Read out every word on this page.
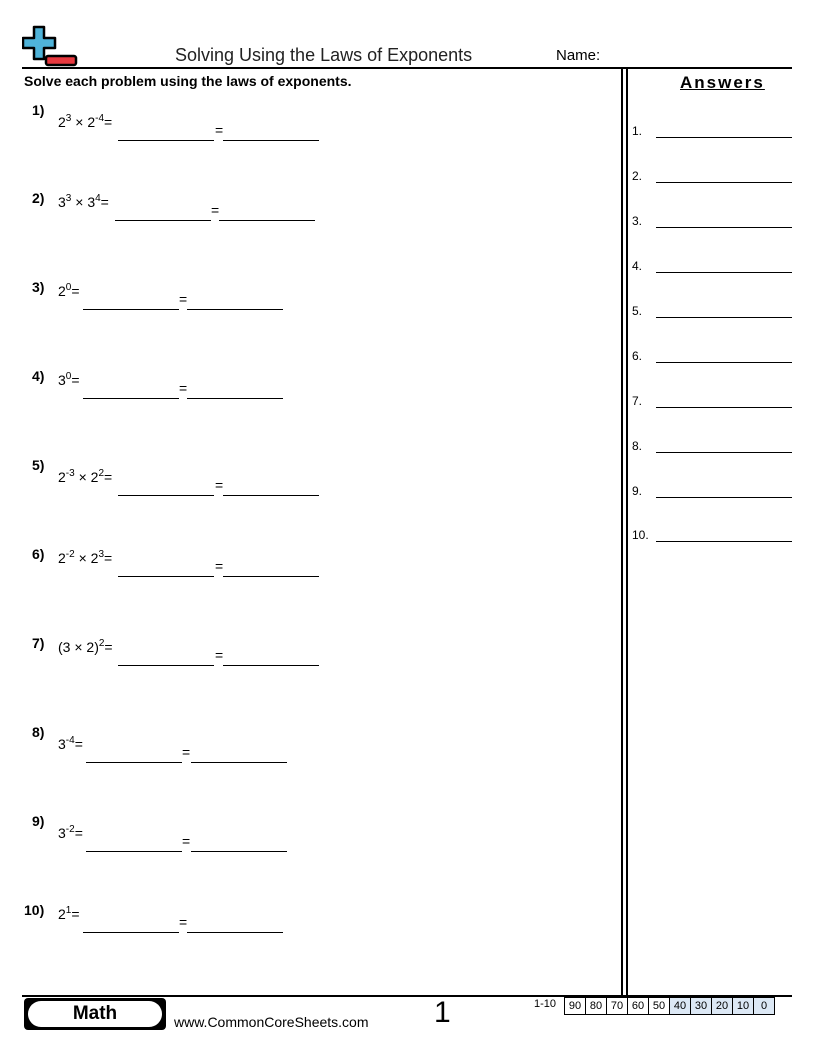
Solving Using the Laws of Exponents	Name:
Solve each problem using the laws of exponents.	Answers
1.
2.
3.
4.
5.
6.
7.
8.
9.
10.
1)
$2^3 \times 2^{-4}=$	=
2) $3^3 \times 3^4=$	=
3) $2^0=$	=
4) $3^0=$	=
5)
$2^{-3} \times 2^2=$	=
6) $2^{-2} \times 2^3=$	=
7) $(3 \times 2)^2=$	=
8)
$3^{-4}=$	=
9)
$3^{-2}=$	=
10) $2^1=$	=
Math	www.CommonCoreSheets.com 1	1-10	90 80 70 60 50 40 30 20 10	0
